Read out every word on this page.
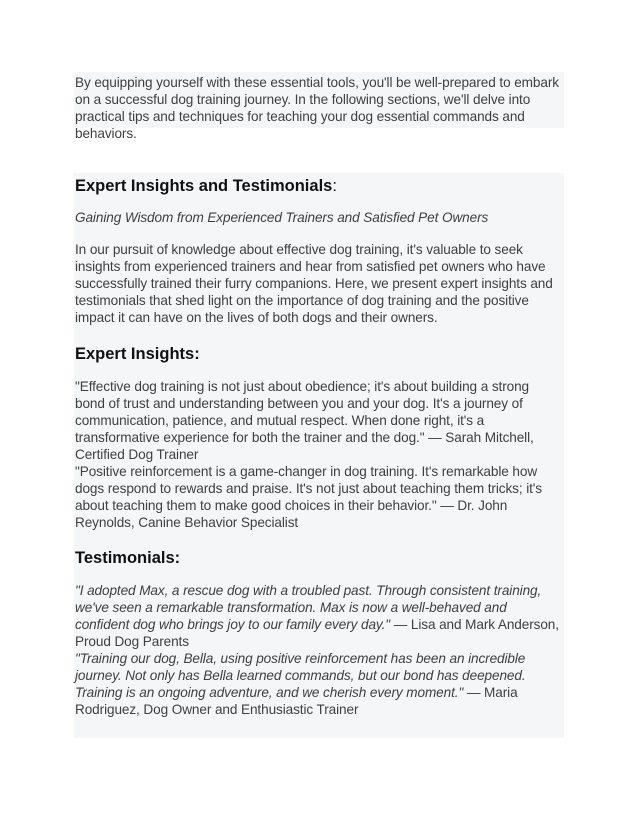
By equipping yourself with these essential tools, you'll be well-prepared to embark on a successful dog training journey. In the following sections, we'll delve into practical tips and techniques for teaching your dog essential commands and behaviors.

Expert Insights and Testimonials:

Gaining Wisdom from Experienced Trainers and Satisfied Pet Owners

In our pursuit of knowledge about effective dog training, it's valuable to seek insights from experienced trainers and hear from satisfied pet owners who have successfully trained their furry companions. Here, we present expert insights and testimonials that shed light on the importance of dog training and the positive impact it can have on the lives of both dogs and their owners.

Expert Insights:

"Effective dog training is not just about obedience; it's about building a strong bond of trust and understanding between you and your dog. It's a journey of communication, patience, and mutual respect. When done right, it's a transformative experience for both the trainer and the dog." — Sarah Mitchell, Certified Dog Trainer

"Positive reinforcement is a game-changer in dog training. It's remarkable how dogs respond to rewards and praise. It's not just about teaching them tricks; it's about teaching them to make good choices in their behavior." — Dr. John Reynolds, Canine Behavior Specialist

Testimonials:

"I adopted Max, a rescue dog with a troubled past. Through consistent training, we've seen a remarkable transformation. Max is now a well-behaved and confident dog who brings joy to our family every day." — Lisa and Mark Anderson, Proud Dog Parents

"Training our dog, Bella, using positive reinforcement has been an incredible journey. Not only has Bella learned commands, but our bond has deepened. Training is an ongoing adventure, and we cherish every moment." — Maria Rodriguez, Dog Owner and Enthusiastic Trainer
